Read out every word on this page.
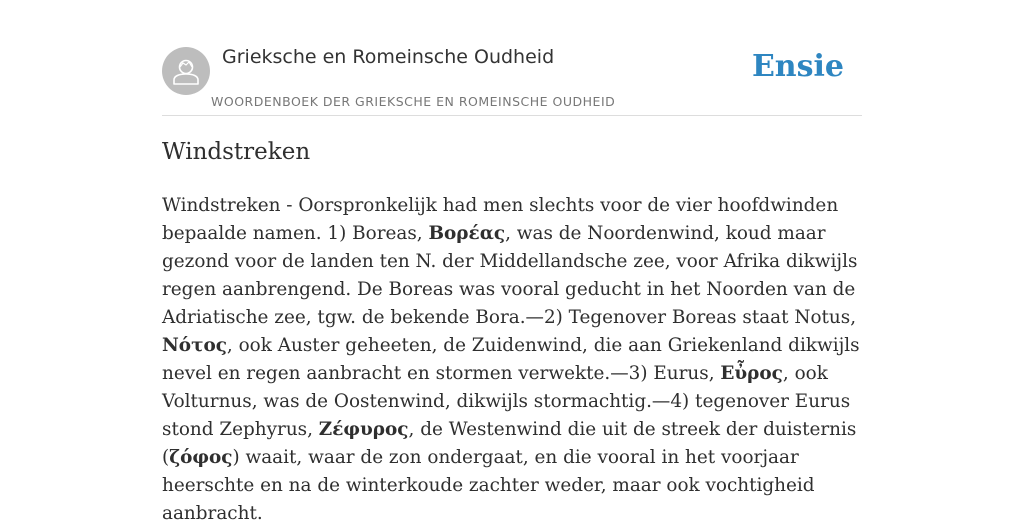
Grieksche en Romeinsche Oudheid
WOORDENBOEK DER GRIEKSCHE EN ROMEINSCHE OUDHEID
Ensie
Windstreken

Windstreken - Oorspronkelijk had men slechts voor de vier hoofdwinden bepaalde namen. 1) Boreas, Βορέας, was de Noordenwind, koud maar gezond voor de landen ten N. der Middellandsche zee, voor Afrika dikwijls regen aanbrengend. De Boreas was vooral geducht in het Noorden van de Adriatische zee, tgw. de bekende Bora.—2) Tegenover Boreas staat Notus, Νότος, ook Auster geheeten, de Zuidenwind, die aan Griekenland dikwijls nevel en regen aanbracht en stormen verwekte.—3) Eurus, Εὖρος, ook Volturnus, was de Oostenwind, dikwijls stormachtig.—4) tegenover Eurus stond Zephyrus, Ζέφυρος, de Westenwind die uit de streek der duisternis (ζόφος) waait, waar de zon ondergaat, en die vooral in het voorjaar heerschte en na de winterkoude zachter weder, maar ook vochtigheid aanbracht.
